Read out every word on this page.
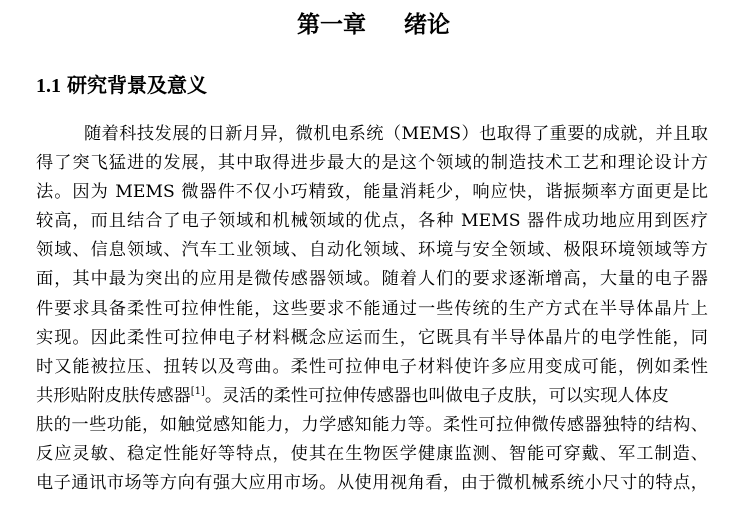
第一章 绪论
1.1 研究背景及意义
随着科技发展的日新月异，微机电系统（MEMS）也取得了重要的成就，并且取
得了突飞猛进的发展，其中取得进步最大的是这个领域的制造技术工艺和理论设计方
法。因为 MEMS 微器件不仅小巧精致，能量消耗少，响应快，谐振频率方面更是比
较高，而且结合了电子领域和机械领域的优点，各种 MEMS 器件成功地应用到医疗
领域、信息领域、汽车工业领域、自动化领域、环境与安全领域、极限环境领域等方
面，其中最为突出的应用是微传感器领域。随着人们的要求逐渐增高，大量的电子器
件要求具备柔性可拉伸性能，这些要求不能通过一些传统的生产方式在半导体晶片上
实现。因此柔性可拉伸电子材料概念应运而生，它既具有半导体晶片的电学性能，同
时又能被拉压、扭转以及弯曲。柔性可拉伸电子材料使许多应用变成可能，例如柔性
共形贴附皮肤传感器[1]。灵活的柔性可拉伸传感器也叫做电子皮肤，可以实现人体皮
肤的一些功能，如触觉感知能力，力学感知能力等。柔性可拉伸微传感器独特的结构、
反应灵敏、稳定性能好等特点，使其在生物医学健康监测、智能可穿戴、军工制造、
电子通讯市场等方向有强大应用市场。从使用视角看，由于微机械系统小尺寸的特点，
